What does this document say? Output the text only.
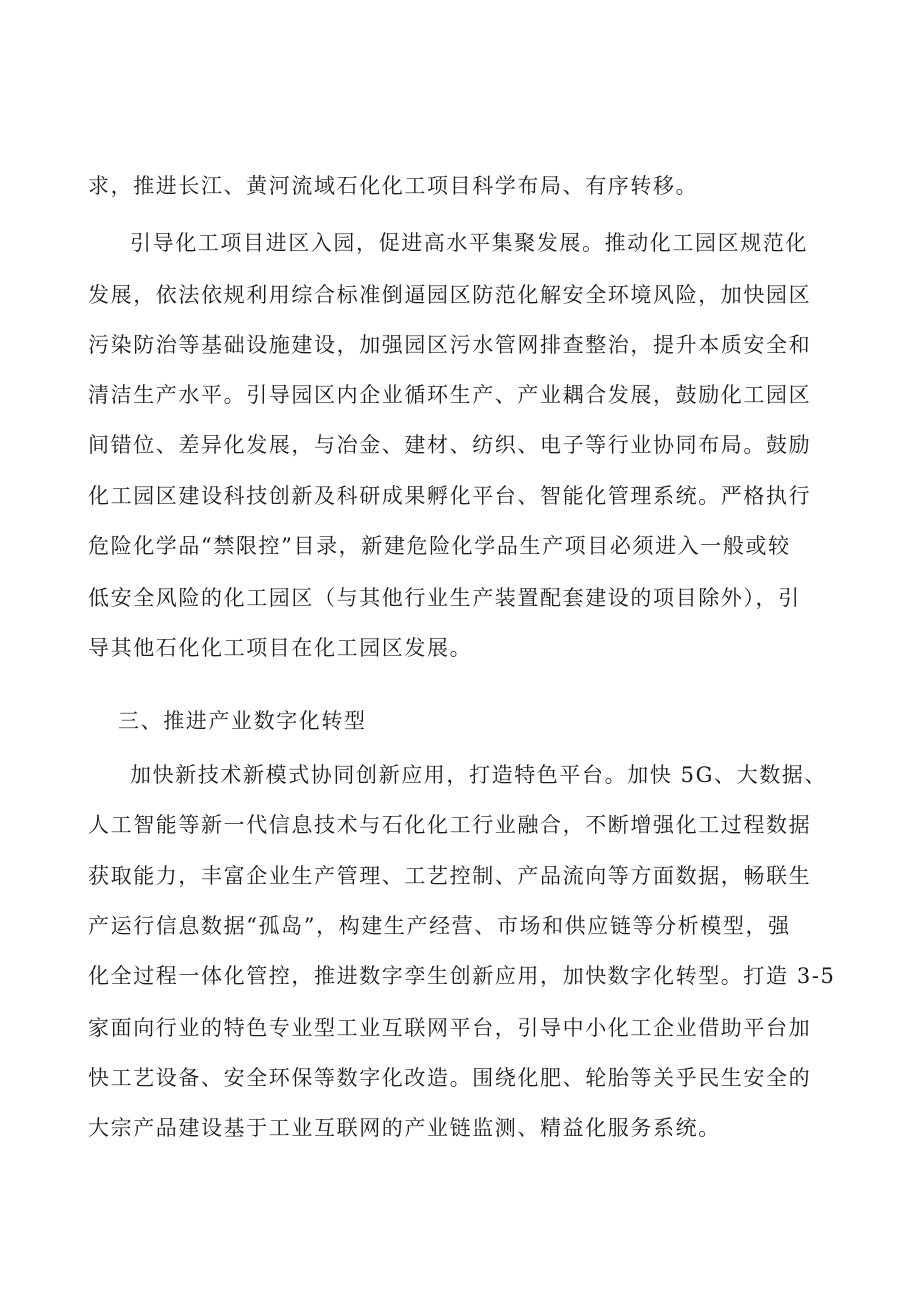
求，推进长江、黄河流域石化化工项目科学布局、有序转移。

引导化工项目进区入园，促进高水平集聚发展。推动化工园区规范化

发展，依法依规利用综合标准倒逼园区防范化解安全环境风险，加快园区

污染防治等基础设施建设，加强园区污水管网排查整治，提升本质安全和

清洁生产水平。引导园区内企业循环生产、产业耦合发展，鼓励化工园区

间错位、差异化发展，与冶金、建材、纺织、电子等行业协同布局。鼓励

化工园区建设科技创新及科研成果孵化平台、智能化管理系统。严格执行

危险化学品“禁限控”目录，新建危险化学品生产项目必须进入一般或较

低安全风险的化工园区（与其他行业生产装置配套建设的项目除外），引

导其他石化化工项目在化工园区发展。

三、推进产业数字化转型

加快新技术新模式协同创新应用，打造特色平台。加快 5G、大数据、

人工智能等新一代信息技术与石化化工行业融合，不断增强化工过程数据

获取能力，丰富企业生产管理、工艺控制、产品流向等方面数据，畅联生

产运行信息数据“孤岛”，构建生产经营、市场和供应链等分析模型，强

化全过程一体化管控，推进数字孪生创新应用，加快数字化转型。打造 3-5

家面向行业的特色专业型工业互联网平台，引导中小化工企业借助平台加

快工艺设备、安全环保等数字化改造。围绕化肥、轮胎等关乎民生安全的

大宗产品建设基于工业互联网的产业链监测、精益化服务系统。
